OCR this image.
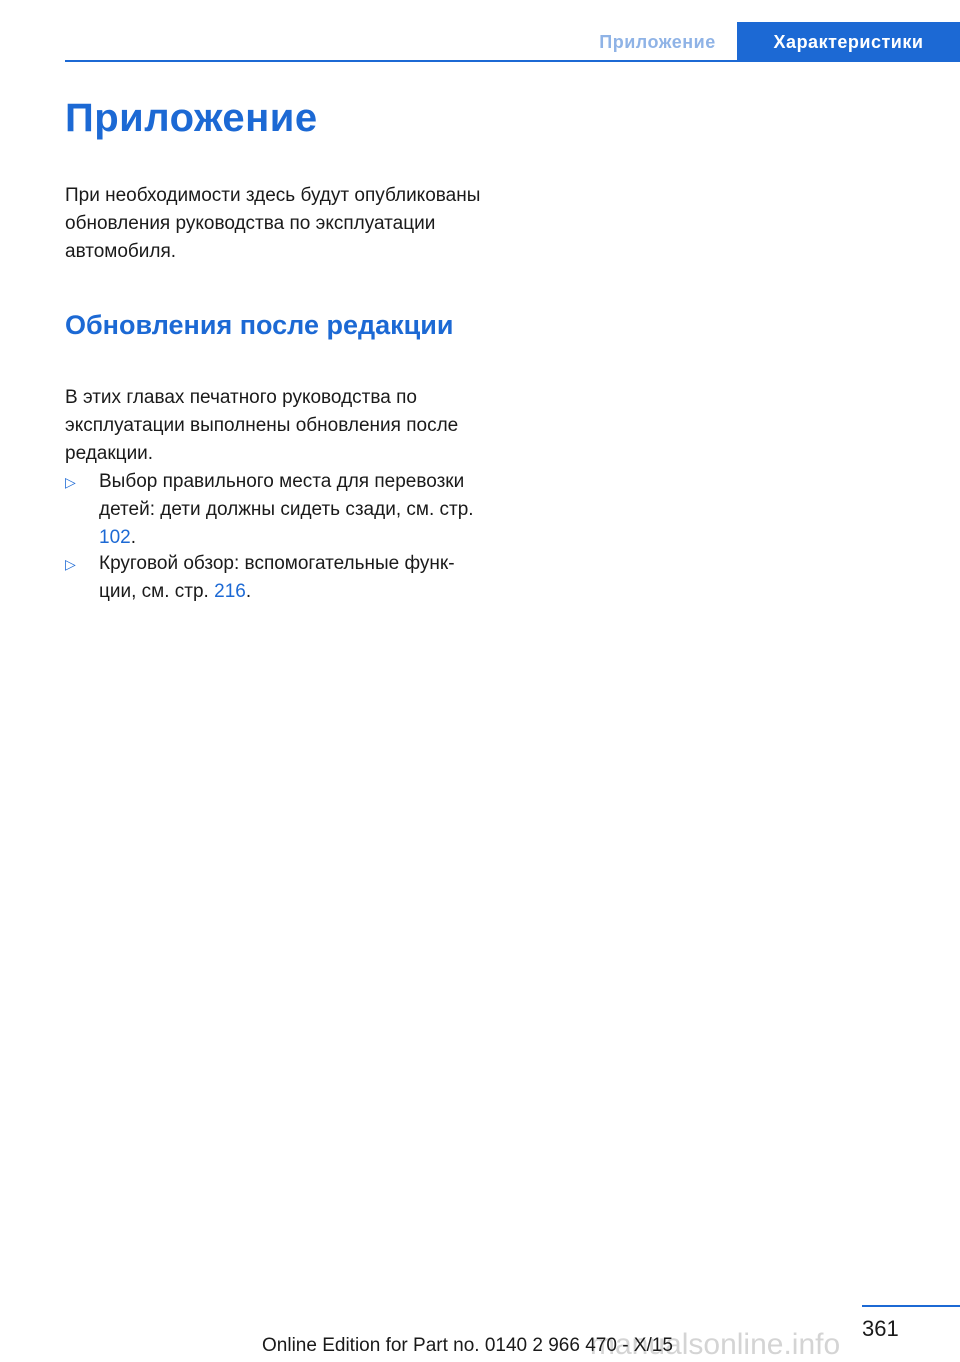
Приложение	Характеристики
Приложение

При необходимости здесь будут опубликованы обновления руководства по эксплуатации автомобиля.

Обновления после редакции

В этих главах печатного руководства по эксплуатации выполнены обновления после редакции.

▷ Выбор правильного места для перевозки детей: дети должны сидеть сзади, см. стр. 102.
▷ Круговой обзор: вспомогательные функции, см. стр. 216.
361
manualsonline.info
Online Edition for Part no. 0140 2 966 470 - X/15
